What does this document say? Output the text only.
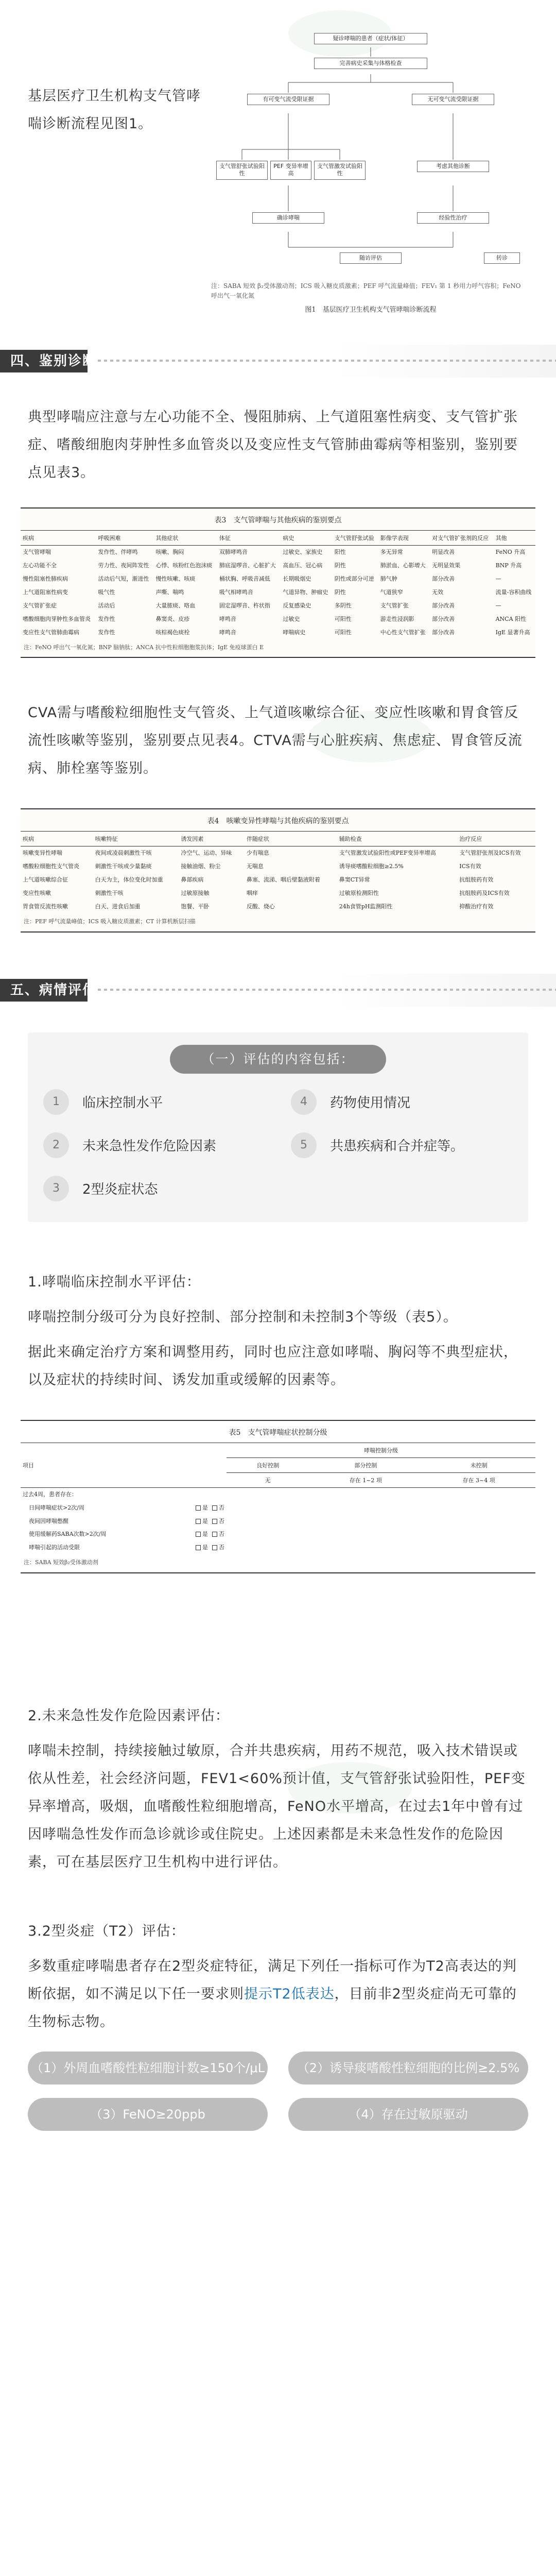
基层医疗卫生机构支气管哮喘诊断流程见图1。

疑诊哮喘的患者（症状/体征）
完善病史采集与体格检查
有可变气流受限证据	无可变气流受限证据
支气管舒张试验阳性
PEF 变异率增高
支气管激发试验阳性
考虑其他诊断
确诊哮喘	经验性治疗
随访评估	转诊

注：SABA 短效 β₂受体激动剂；ICS 吸入糖皮质激素；PEF 呼气流量峰值；FEV₁ 第 1 秒用力呼气容积；FeNO 呼出气一氧化氮

图1　基层医疗卫生机构支气管哮喘诊断流程

四、鉴别诊断

典型哮喘应注意与左心功能不全、慢阻肺病、上气道阻塞性病变、支气管扩张症、嗜酸细胞肉芽肿性多血管炎以及变应性支气管肺曲霉病等相鉴别，鉴别要点见表3。

表3　支气管哮喘与其他疾病的鉴别要点
疾病	呼吸困难	其他症状	体征	病史	支气管舒张试验	影像学表现	对支气管扩张剂的反应	其他
支气管哮喘	发作性、伴哮鸣	咳嗽、胸闷	双肺哮鸣音	过敏史、家族史	阳性	多无异常	明显改善	FeNO 升高
左心功能不全	劳力性、夜间阵发性	心悸、咳粉红色泡沫痰	肺底湿啰音、心脏扩大	高血压、冠心病	阴性	肺淤血、心影增大	无明显效果	BNP 升高
慢性阻塞性肺疾病	活动后气短，渐进性	慢性咳嗽、咳痰	桶状胸、呼吸音减低	长期吸烟史	阴性或部分可逆	肺气肿	部分改善	—
上气道阻塞性病变	吸气性	声嘶、喘鸣	吸气相哮鸣音	气道异物、肿瘤史	阴性	气道狭窄	无效	流量-容积曲线
支气管扩张症	活动后	大量脓痰、咯血	固定湿啰音、杵状指	反复感染史	多阴性	支气管扩张	部分改善	—
嗜酸细胞肉芽肿性多血管炎	发作性	鼻窦炎、皮疹	哮鸣音	过敏史	可阳性	游走性浸润影	部分改善	ANCA 阳性
变应性支气管肺曲霉病	发作性	咳棕褐色痰栓	哮鸣音	哮喘病史	可阳性	中心性支气管扩张	部分改善	IgE 显著升高
注：FeNO 呼出气一氧化氮；BNP 脑钠肽；ANCA 抗中性粒细胞胞浆抗体；IgE 免疫球蛋白 E

CVA需与嗜酸粒细胞性支气管炎、上气道咳嗽综合征、变应性咳嗽和胃食管反流性咳嗽等鉴别，鉴别要点见表4。CTVA需与心脏疾病、焦虑症、胃食管反流病、肺栓塞等鉴别。

表4　咳嗽变异性哮喘与其他疾病的鉴别要点
疾病	咳嗽特征	诱发因素	伴随症状	辅助检查	治疗反应
咳嗽变异性哮喘	夜间或凌晨刺激性干咳	冷空气、运动、异味	少有喘息	支气管激发试验阳性或PEF变异率增高	支气管舒张剂及ICS有效
嗜酸粒细胞性支气管炎	刺激性干咳或少量黏痰	接触油烟、粉尘	无喘息	诱导痰嗜酸粒细胞≥2.5%	ICS有效
上气道咳嗽综合征	白天为主，体位变化时加重	鼻部疾病	鼻塞、流涕、咽后壁黏液附着	鼻窦CT异常	抗组胺药有效
变应性咳嗽	刺激性干咳	过敏原接触	咽痒	过敏原检测阳性	抗组胺药及ICS有效
胃食管反流性咳嗽	白天、进食后加重	饱餐、平卧	反酸、烧心	24h食管pH监测阳性	抑酸治疗有效
注：PEF 呼气流量峰值；ICS 吸入糖皮质激素；CT 计算机断层扫描
五、病情评估
（一）评估的内容包括：
1	临床控制水平	4	药物使用情况
2	未来急性发作危险因素	5	共患疾病和合并症等。
3	2型炎症状态

1.哮喘临床控制水平评估：

哮喘控制分级可分为良好控制、部分控制和未控制3个等级（表5）。

据此来确定治疗方案和调整用药，同时也应注意如哮喘、胸闷等不典型症状，以及症状的持续时间、诱发加重或缓解的因素等。

表5　支气管哮喘症状控制分级
项目	哮喘控制分级		
	良好控制	部分控制	未控制
	无	存在 1~2 项	存在 3~4 项
过去4周，患者存在：			
日间哮喘症状>2次/周 是 否			

夜间因哮喘憋醒 是 否			

使用缓解药SABA次数>2次/周 是 否			

哮喘引起的活动受限 是 否			

注：SABA 短效β₂受体激动剂

2.未来急性发作危险因素评估：

哮喘未控制，持续接触过敏原，合并共患疾病，用药不规范，吸入技术错误或依从性差，社会经济问题，FEV1<60%预计值，支气管舒张试验阳性，PEF变异率增高，吸烟，血嗜酸性粒细胞增高，FeNO水平增高，在过去1年中曾有过因哮喘急性发作而急诊就诊或住院史。上述因素都是未来急性发作的危险因素，可在基层医疗卫生机构中进行评估。

3.2型炎症（T2）评估：

多数重症哮喘患者存在2型炎症特征，满足下列任一指标可作为T2高表达的判断依据，如不满足以下任一要求则提示T2低表达，目前非2型炎症尚无可靠的生物标志物。

（1）外周血嗜酸性粒细胞计数≥150个/μL	（2）诱导痰嗜酸性粒细胞的比例≥2.5%
（3）FeNO≥20ppb	（4）存在过敏原驱动
